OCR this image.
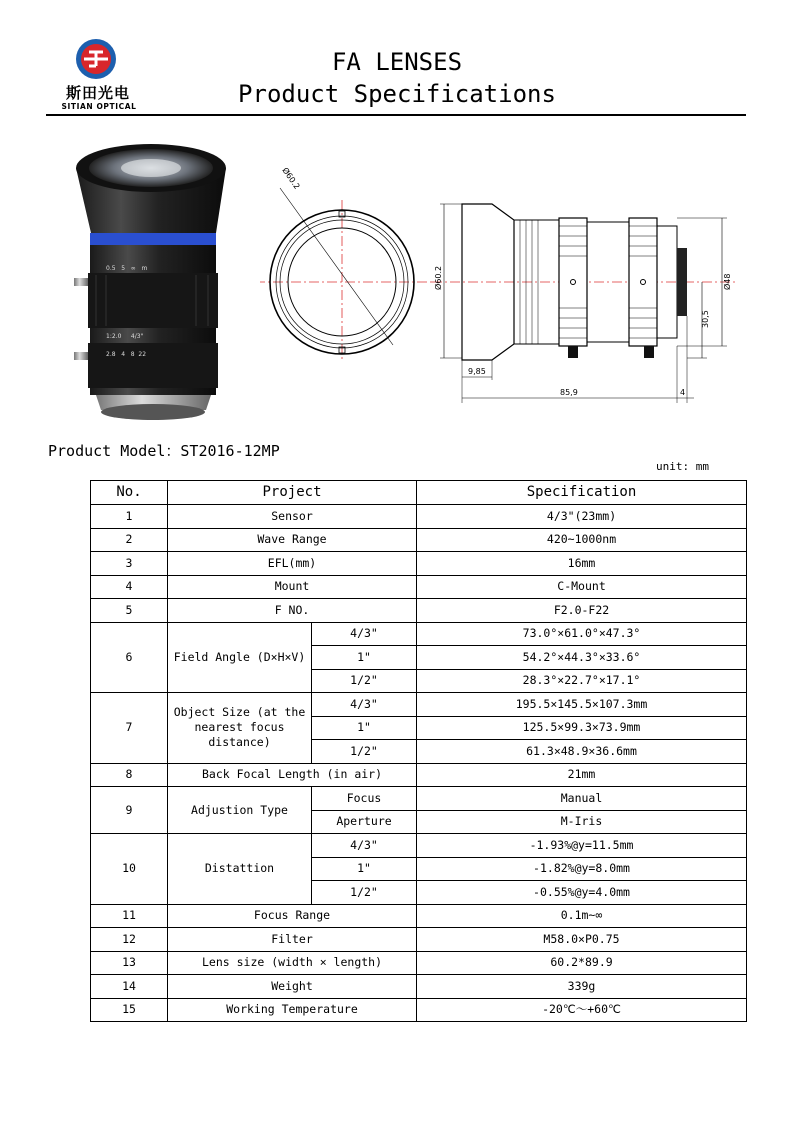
斯田光电
SITIAN OPTICAL
FA LENSES
Product Specifications
0.5   5   ∞   m
1:2.0     4/3"
2.8   4   8  22
Ø60.2
Ø60.2	Ø48
30,5
9,85
85,9	4
Product Model：ST2016-12MP
unit: mm
No.	Project		Specification
1	Sensor		4/3"(23mm)
2	Wave Range		420~1000nm
3	EFL(mm)		16mm
4	Mount		C-Mount
5	F NO.		F2.0-F22
6	Field Angle (D×H×V)	4/3"	73.0°×61.0°×47.3°
		1"	54.2°×44.3°×33.6°
		1/2"	28.3°×22.7°×17.1°
7	Object Size (at the nearest focus distance)	4/3"	195.5×145.5×107.3mm
		1"	125.5×99.3×73.9mm
		1/2"	61.3×48.9×36.6mm
8	Back Focal Length (in air)		21mm
9	Adjustion Type	Focus	Manual
		Aperture	M-Iris
10	Distattion	4/3"	-1.93%@y=11.5mm
		1"	-1.82%@y=8.0mm
		1/2"	-0.55%@y=4.0mm
11	Focus Range		0.1m~∞
12	Filter		M58.0×P0.75
13	Lens size (width × length)		60.2*89.9
14	Weight		339g
15	Working Temperature		-20℃～+60℃
